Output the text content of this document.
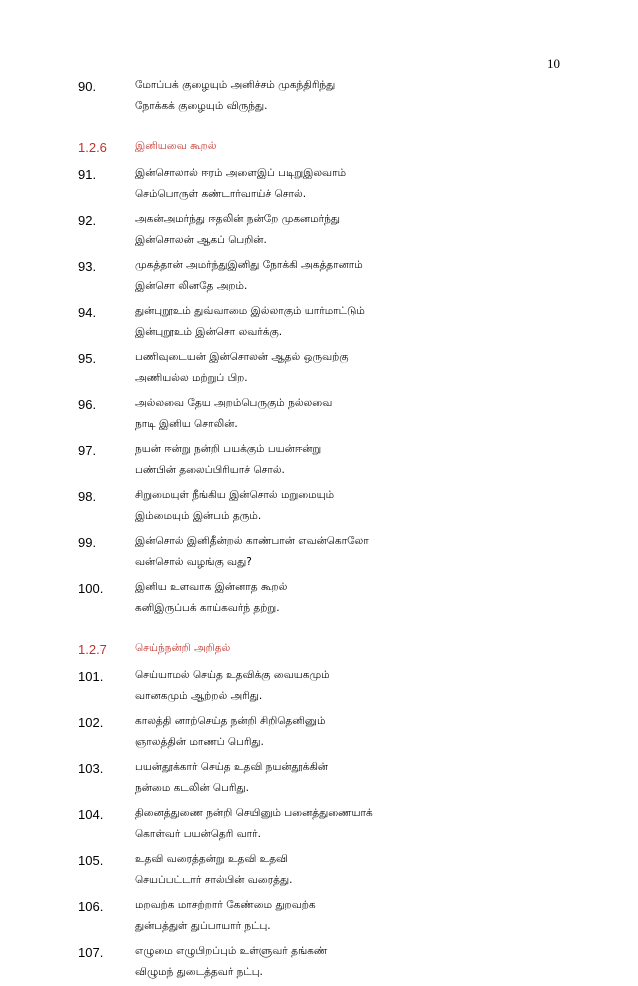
10
90.	மோப்பக் குழையும் அனிச்சம் முகந்திரிந்து
நோக்கக் குழையும் விருந்து.
1.2.6	இனியவை கூறல்
91.	இன்சொலால் ஈரம் அளைஇப் படிறுஇலவாம்
செம்பொருள் கண்டார்வாய்ச் சொல்.
92.	அகன்அமர்ந்து ஈதலின் நன்றே முகனமர்ந்து
இன்சொலன் ஆகப் பெறின்.
93.	முகத்தான் அமர்ந்துஇனிது நோக்கி அகத்தானாம்
இன்சொ லினதே அறம்.
94.	துன்புறூஉம் துவ்வாமை இல்லாகும் யார்மாட்டும்
இன்புறூஉம் இன்சொ லவர்க்கு.
95.	பணிவுடையன் இன்சொலன் ஆதல் ஒருவற்கு
அணியல்ல மற்றுப் பிற.
96.	அல்லவை தேய அறம்பெருகும் நல்லவை
நாடி இனிய சொலின்.
97.	நயன் ஈன்று நன்றி பயக்கும் பயன்ஈன்று
பண்பின் தலைப்பிரியாச் சொல்.
98.	சிறுமையுள் நீங்கிய இன்சொல் மறுமையும்
இம்மையும் இன்பம் தரும்.
99.	இன்சொல் இனிதீன்றல் காண்பான் எவன்கொலோ
வன்சொல் வழங்கு வது?
100.	இனிய உளவாக இன்னாத கூறல்
கனிஇருப்பக் காய்கவர்ந் தற்று.
1.2.7	செய்ந்நன்றி அறிதல்
101.	செய்யாமல் செய்த உதவிக்கு வையகமும்
வானகமும் ஆற்றல் அரிது.
102.	காலத்தி னாற்செய்த நன்றி சிறிதெனினும்
ஞாலத்தின் மாணப் பெரிது.
103.	பயன்தூக்கார் செய்த உதவி நயன்தூக்கின்
நன்மை கடலின் பெரிது.
104.	தினைத்துணை நன்றி செயினும் பனைத்துணையாக்
கொள்வர் பயன்தெரி வார்.
105.	உதவி வரைத்தன்று உதவி உதவி
செயப்பட்டார் சால்பின் வரைத்து.
106.	மறவற்க மாசற்றார் கேண்மை துறவற்க
துன்பத்துள் துப்பாயார் நட்பு.
107.	எழுமை எழுபிறப்பும் உள்ளுவர் தங்கண்
விழுமந் துடைத்தவர் நட்பு.
